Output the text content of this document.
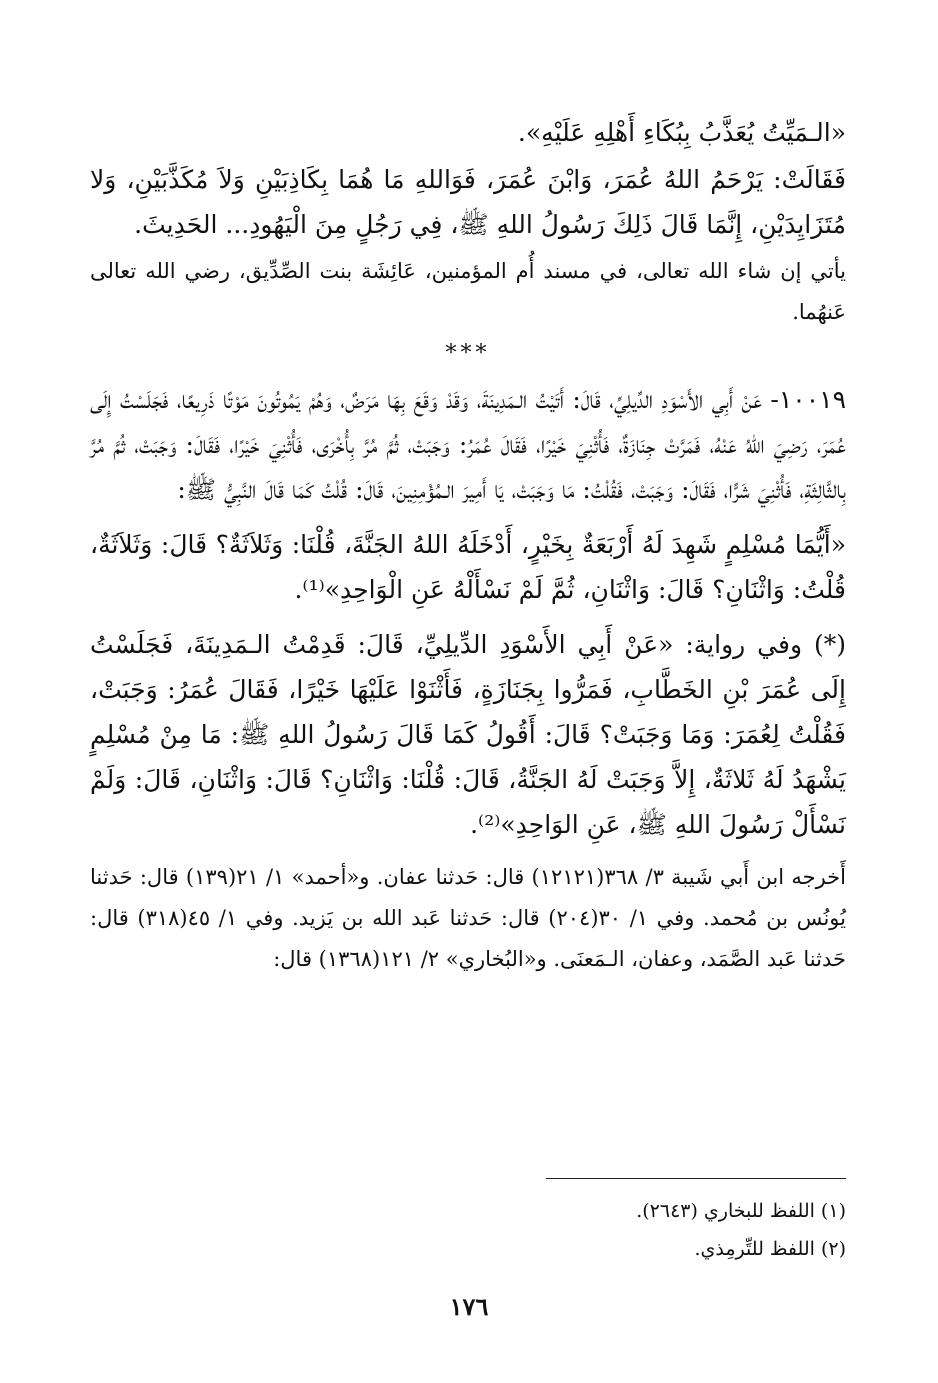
«الـمَيِّتُ يُعَذَّبُ بِبُكَاءِ أَهْلِهِ عَلَيْهِ».

فَقَالَتْ: يَرْحَمُ اللهُ عُمَرَ، وَابْنَ عُمَرَ، فَوَاللهِ مَا هُمَا بِكَاذِبَيْنِ وَلاَ مُكَذَّبَيْنِ، وَلا مُتَزَايِدَيْنِ، إِنَّمَا قَالَ ذَلِكَ رَسُولُ اللهِ ﷺ، فِي رَجُلٍ مِنَ الْيَهُودِ... الحَدِيثَ.

يأتي إن شاء الله تعالى، في مسند أُم المؤمنين، عَائِشَة بنت الصِّدِّيق، رضي الله تعالى عَنهُما.

***

١٠٠١٩- عَنْ أَبِي الأَسْوَدِ الدِّيلِيِّ، قَالَ: أَتَيْتُ الـمَدِينَةَ، وَقَدْ وَقَعَ بِهَا مَرَضٌ، وَهُمْ يَمُوتُونَ مَوْتًا ذَرِيعًا، فَجَلَسْتُ إِلَى عُمَرَ، رَضِيَ اللهُ عَنْهُ، فَمَرَّتْ جِنَازَةٌ، فَأُثْنِيَ خَيْرًا، فَقَالَ عُمَرُ: وَجَبَتْ، ثُمَّ مُرَّ بِأُخْرَى، فَأُثْنِيَ خَيْرًا، فَقَالَ: وَجَبَتْ، ثُمَّ مُرَّ بِالثَّالِثَةِ، فَأُثْنِيَ شَرًّا، فَقَالَ: وَجَبَتْ، فَقُلْتُ: مَا وَجَبَتْ، يَا أَمِيرَ الـمُؤْمِنِينَ، قَالَ: قُلْتُ كَمَا قَالَ النَّبِيُّ ﷺ:

«أَيُّمَا مُسْلِمٍ شَهِدَ لَهُ أَرْبَعَةٌ بِخَيْرٍ، أَدْخَلَهُ اللهُ الجَنَّةَ، قُلْنَا: وَثَلاَثَةٌ؟ قَالَ: وَثَلاَثَةٌ، قُلْتُ: وَاثْنَانِ؟ قَالَ: وَاثْنَانِ، ثُمَّ لَمْ نَسْأَلْهُ عَنِ الْوَاحِدِ»⁽¹⁾.

(*) وفي رواية: «عَنْ أَبِي الأَسْوَدِ الدِّيلِيِّ، قَالَ: قَدِمْتُ الـمَدِينَةَ، فَجَلَسْتُ إِلَى عُمَرَ بْنِ الخَطَّابِ، فَمَرُّوا بِجَنَازَةٍ، فَأَثْنَوْا عَلَيْهَا خَيْرًا، فَقَالَ عُمَرُ: وَجَبَتْ، فَقُلْتُ لِعُمَرَ: وَمَا وَجَبَتْ؟ قَالَ: أَقُولُ كَمَا قَالَ رَسُولُ اللهِ ﷺ: مَا مِنْ مُسْلِمٍ يَشْهَدُ لَهُ ثَلاثَةٌ، إِلاَّ وَجَبَتْ لَهُ الجَنَّةُ، قَالَ: قُلْنَا: وَاثْنَانِ؟ قَالَ: وَاثْنَانِ، قَالَ: وَلَمْ نَسْأَلْ رَسُولَ اللهِ ﷺ، عَنِ الوَاحِدِ»⁽²⁾.

أَخرجه ابن أَبي شَيبة ٣/ ٣٦٨(١٢١٢١) قال: حَدثنا عفان. و«أحمد» ١/ ٢١(١٣٩) قال: حَدثنا يُونُس بن مُحمد. وفي ١/ ٣٠(٢٠٤) قال: حَدثنا عَبد الله بن يَزيد. وفي ١/ ٤٥(٣١٨) قال: حَدثنا عَبد الصَّمَد، وعفان، الـمَعنَى. و«البُخاري» ٢/ ١٢١(١٣٦٨) قال:

(١) اللفظ للبخاري (٢٦٤٣).

(٢) اللفظ للتِّرمِذي.

١٧٦
